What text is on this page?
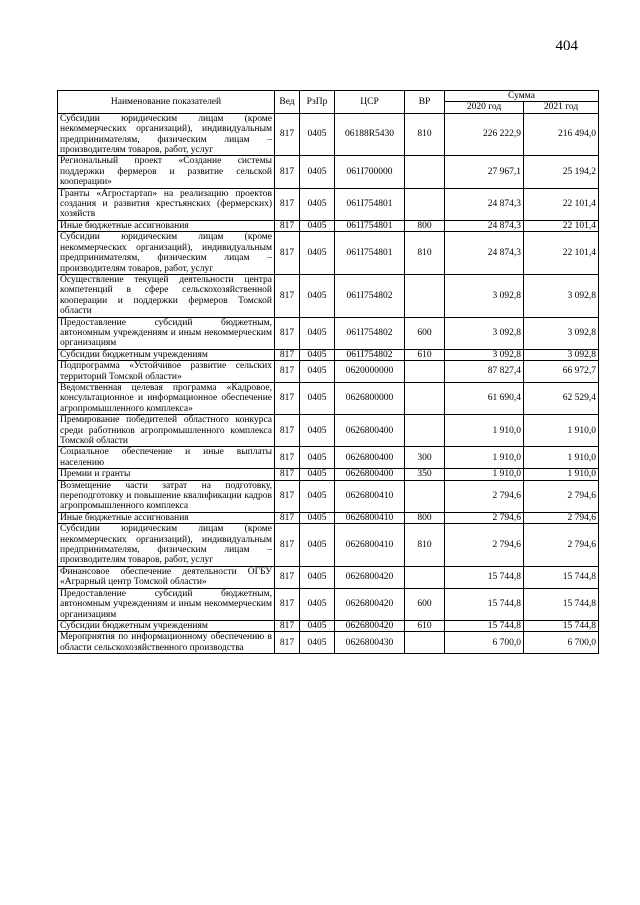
404
Наименование показателей	Вед	РзПр	ЦСР	ВР	Сумма	
					2020 год	2021 год
Субсидии юридическим лицам (кроме некоммерческих организаций), индивидуальным предпринимателям, физическим лицам – производителям товаров, работ, услуг	817	0405	06188R5430	810	226 222,9	216 494,0
Региональный проект «Создание системы поддержки фермеров и развитие сельской кооперации»	817	0405	061I700000		27 967,1	25 194,2
Гранты «Агростартап» на реализацию проектов создания и развития крестьянских (фермерских) хозяйств	817	0405	061I754801		24 874,3	22 101,4
Иные бюджетные ассигнования	817	0405	061I754801	800	24 874,3	22 101,4
Субсидии юридическим лицам (кроме некоммерческих организаций), индивидуальным предпринимателям, физическим лицам – производителям товаров, работ, услуг	817	0405	061I754801	810	24 874,3	22 101,4
Осуществление текущей деятельности центра компетенций в сфере сельскохозяйственной кооперации и поддержки фермеров Томской области	817	0405	061I754802		3 092,8	3 092,8
Предоставление субсидий бюджетным, автономным учреждениям и иным некоммерческим организациям	817	0405	061I754802	600	3 092,8	3 092,8
Субсидии бюджетным учреждениям	817	0405	061I754802	610	3 092,8	3 092,8
Подпрограмма «Устойчивое развитие сельских территорий Томской области»	817	0405	0620000000		87 827,4	66 972,7
Ведомственная целевая программа «Кадровое, консультационное и информационное обеспечение агропромышленного комплекса»	817	0405	0626800000		61 690,4	62 529,4
Премирование победителей областного конкурса среди работников агропромышленного комплекса Томской области	817	0405	0626800400		1 910,0	1 910,0
Социальное обеспечение и иные выплаты населению	817	0405	0626800400	300	1 910,0	1 910,0
Премии и гранты	817	0405	0626800400	350	1 910,0	1 910,0
Возмещение части затрат на подготовку, переподготовку и повышение квалификации кадров агропромышленного комплекса	817	0405	0626800410		2 794,6	2 794,6
Иные бюджетные ассигнования	817	0405	0626800410	800	2 794,6	2 794,6
Субсидии юридическим лицам (кроме некоммерческих организаций), индивидуальным предпринимателям, физическим лицам – производителям товаров, работ, услуг	817	0405	0626800410	810	2 794,6	2 794,6
Финансовое обеспечение деятельности ОГБУ «Аграрный центр Томской области»	817	0405	0626800420		15 744,8	15 744,8
Предоставление субсидий бюджетным, автономным учреждениям и иным некоммерческим организациям	817	0405	0626800420	600	15 744,8	15 744,8
Субсидии бюджетным учреждениям	817	0405	0626800420	610	15 744,8	15 744,8
Мероприятия по информационному обеспечению в области сельскохозяйственного производства	817	0405	0626800430		6 700,0	6 700,0
